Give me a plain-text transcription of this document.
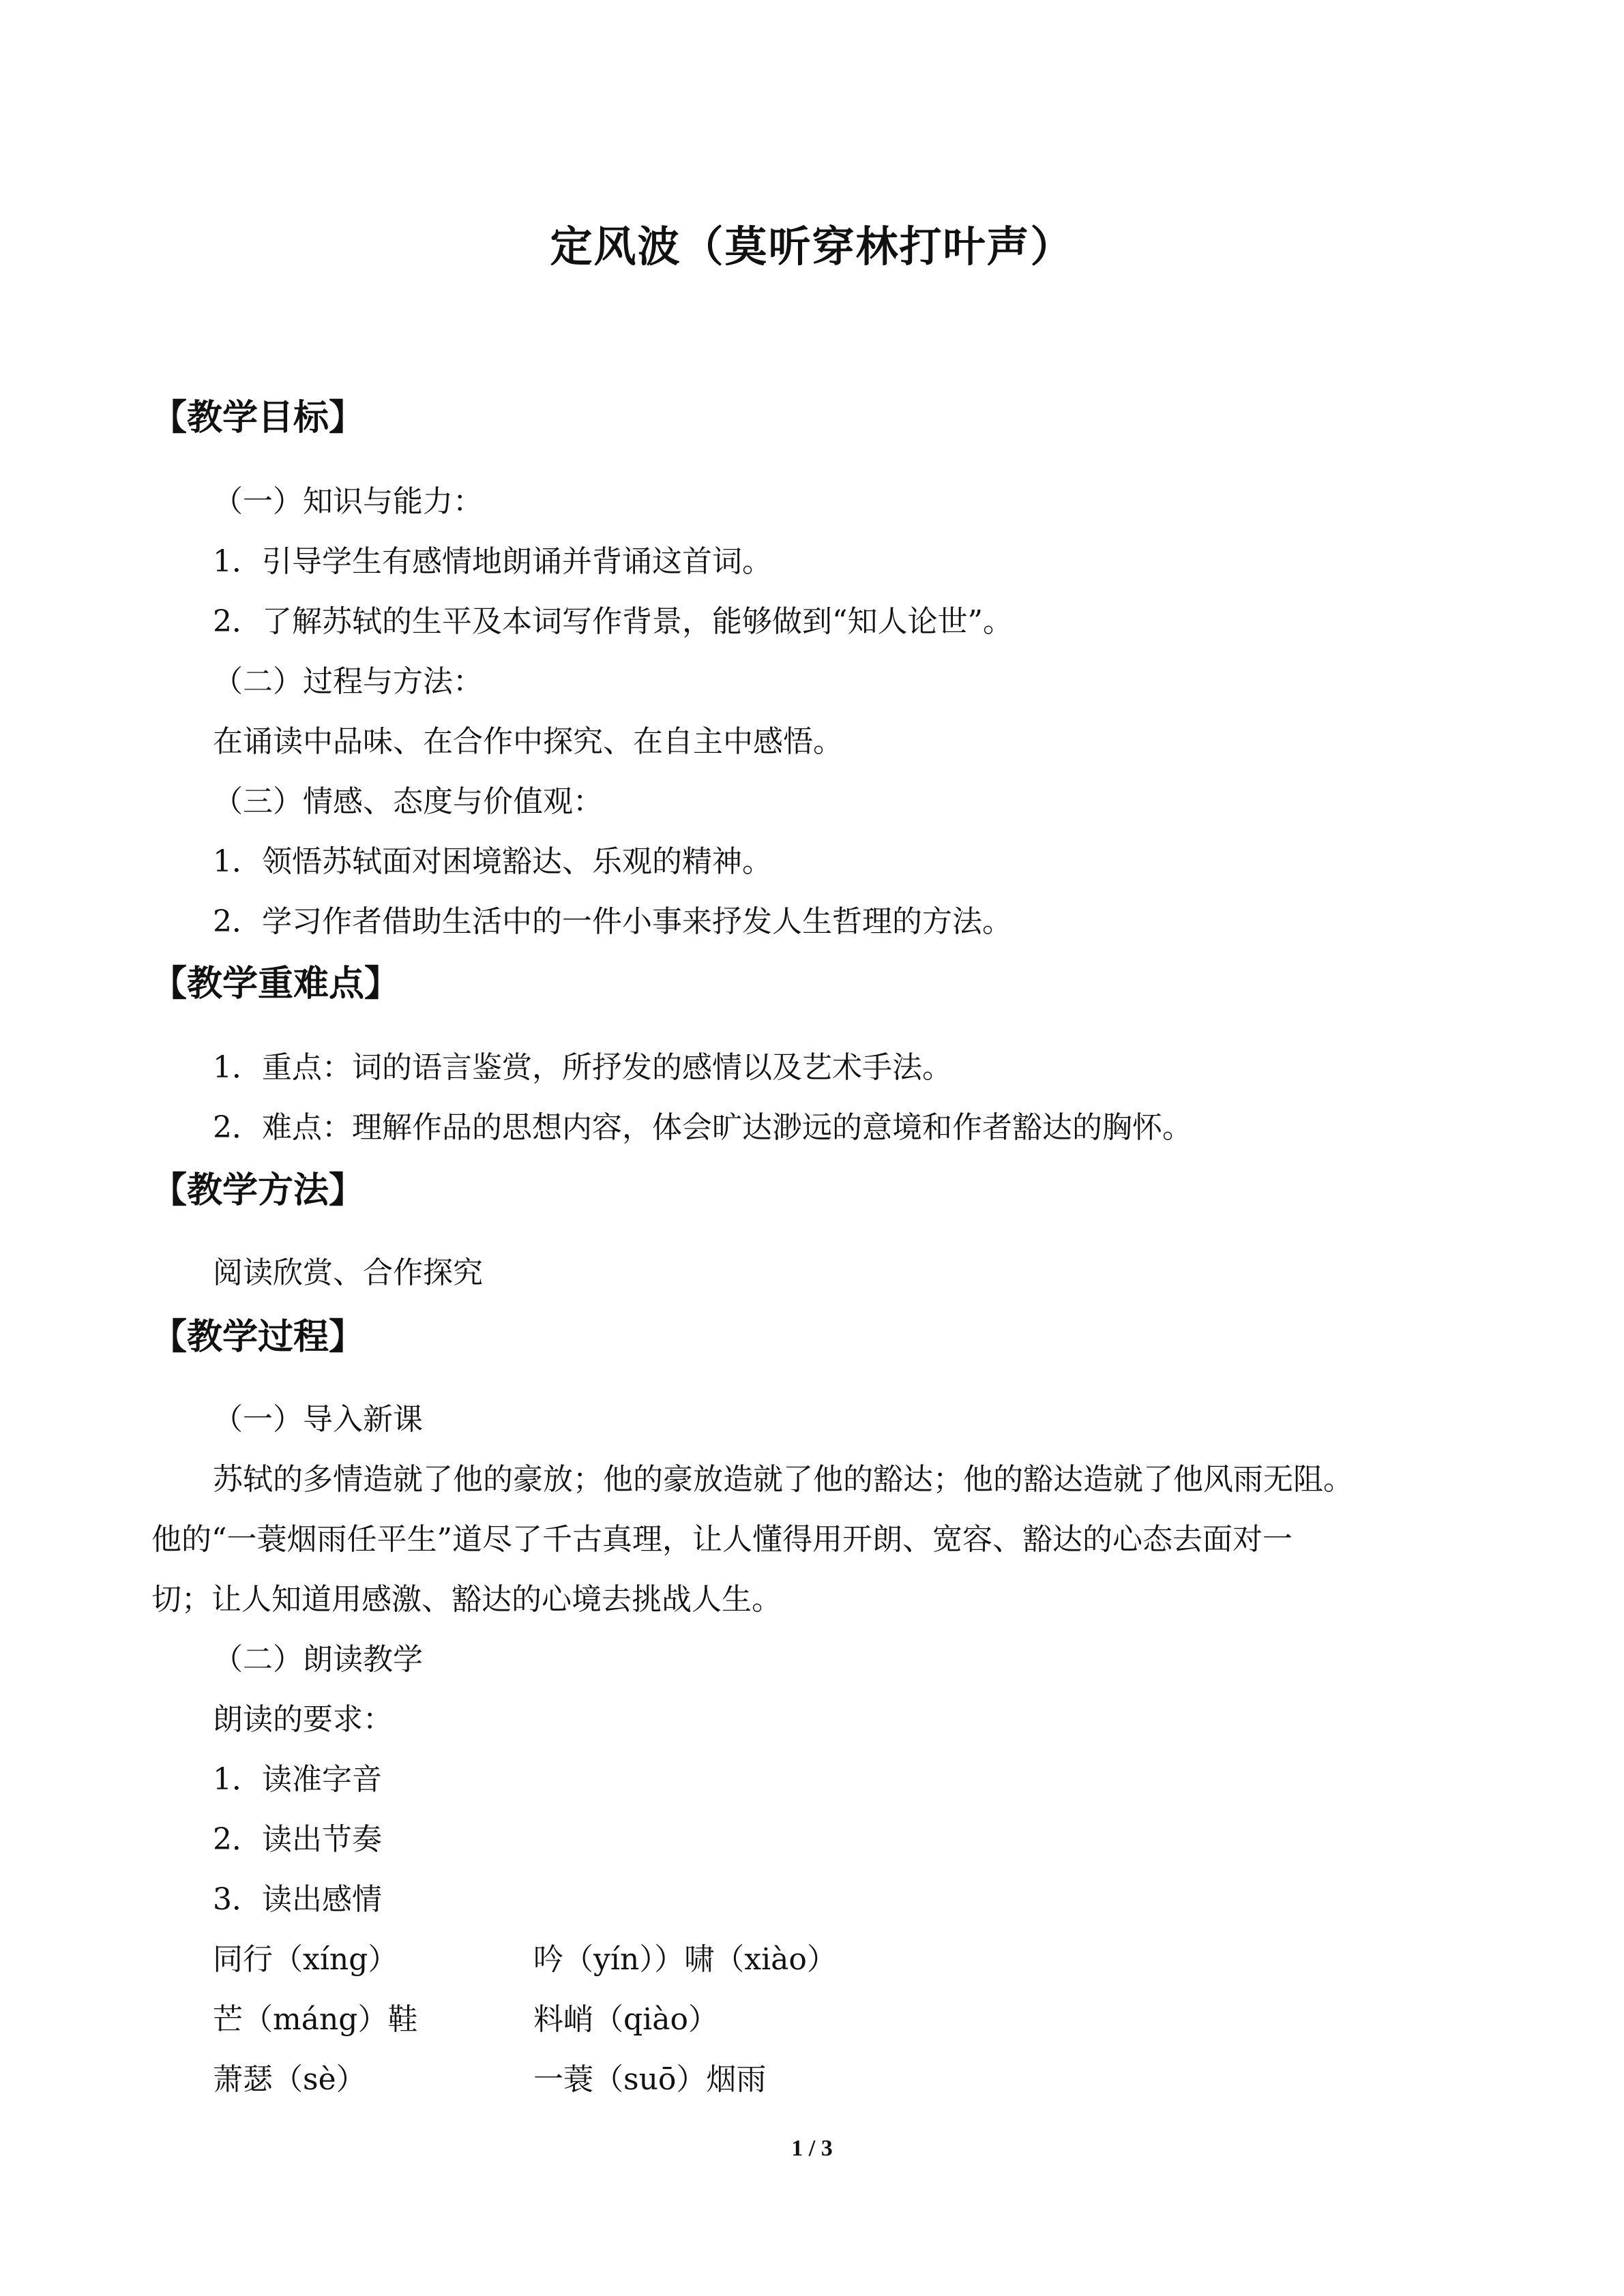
定风波（莫听穿林打叶声）
【教学目标】
（一）知识与能力：
1．引导学生有感情地朗诵并背诵这首词。
2．了解苏轼的生平及本词写作背景，能够做到“知人论世”。
（二）过程与方法：
在诵读中品味、在合作中探究、在自主中感悟。
（三）情感、态度与价值观：
1．领悟苏轼面对困境豁达、乐观的精神。
2．学习作者借助生活中的一件小事来抒发人生哲理的方法。
【教学重难点】
1．重点：词的语言鉴赏，所抒发的感情以及艺术手法。
2．难点：理解作品的思想内容，体会旷达渺远的意境和作者豁达的胸怀。
【教学方法】
阅读欣赏、合作探究
【教学过程】
（一）导入新课
苏轼的多情造就了他的豪放；他的豪放造就了他的豁达；他的豁达造就了他风雨无阻。
他的“一蓑烟雨任平生”道尽了千古真理，让人懂得用开朗、宽容、豁达的心态去面对一
切；让人知道用感激、豁达的心境去挑战人生。
（二）朗读教学
朗读的要求：
1．读准字音
2．读出节奏
3．读出感情
同行（xíng）	吟（yín））啸（xiào）
芒（máng）鞋	料峭（qiào）
萧瑟（sè）	一蓑（suō）烟雨
1 / 3
